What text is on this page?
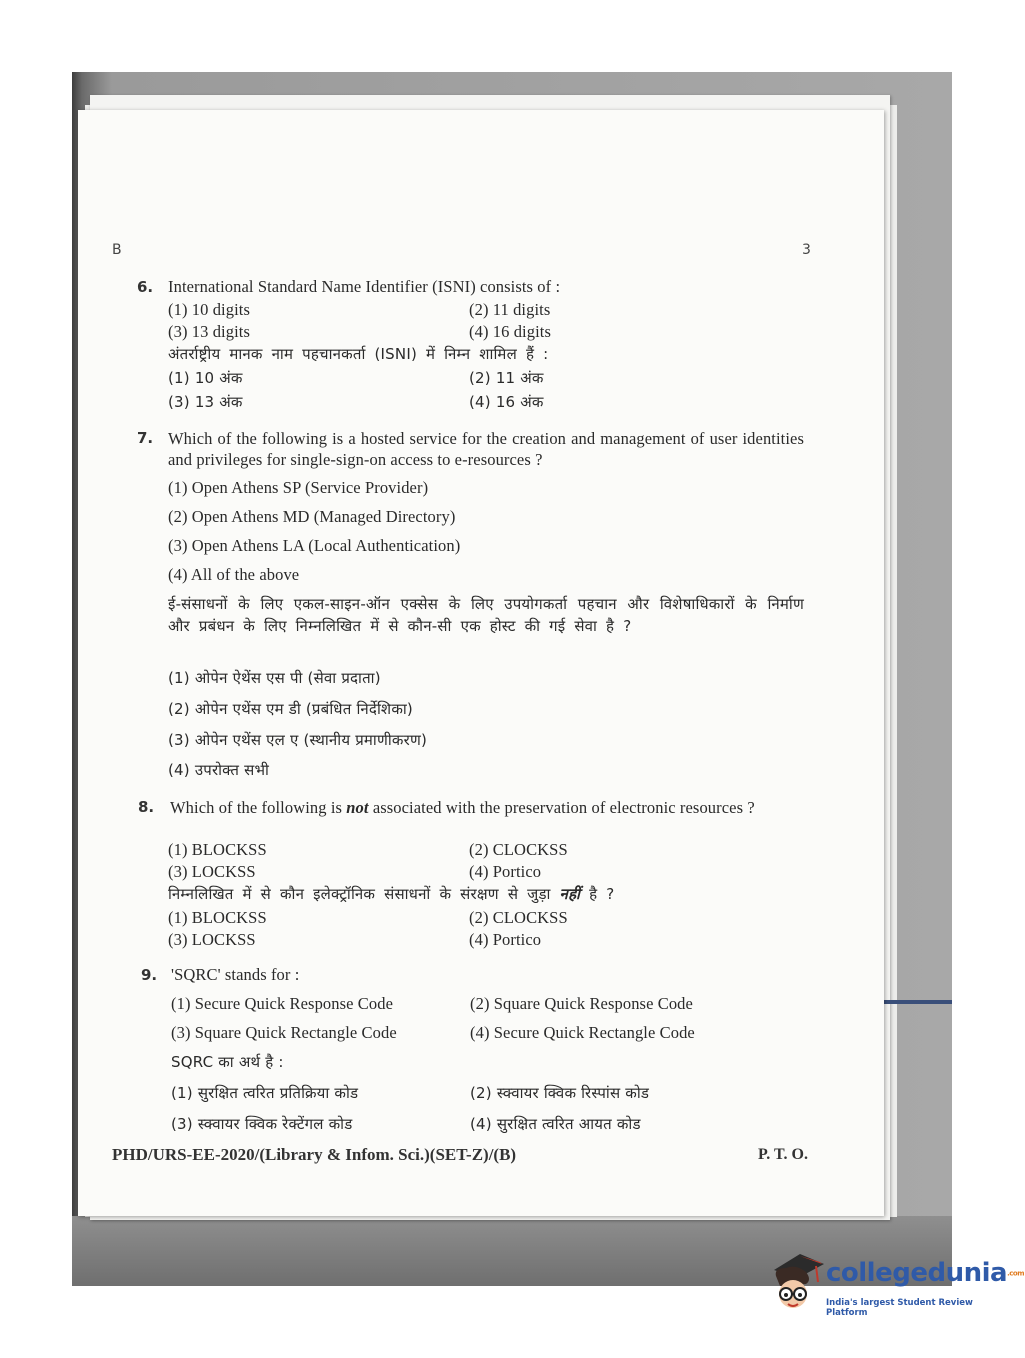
B	3
6. International Standard Name Identifier (ISNI) consists of :
(1) 10 digits	(2) 11 digits
(3) 13 digits	(4) 16 digits
अंतर्राष्ट्रीय मानक नाम पहचानकर्ता (ISNI) में निम्न शामिल हैं :
(1) 10 अंक	(2) 11 अंक
(3) 13 अंक	(4) 16 अंक
7. Which of the following is a hosted service for the creation and management of user identities and privileges for single-sign-on access to e-resources ?
(1) Open Athens SP (Service Provider)
(2) Open Athens MD (Managed Directory)
(3) Open Athens LA (Local Authentication)
(4) All of the above
ई-संसाधनों के लिए एकल-साइन-ऑन एक्सेस के लिए उपयोगकर्ता पहचान और विशेषाधिकारों के निर्माण और प्रबंधन के लिए निम्नलिखित में से कौन-सी एक होस्ट की गई सेवा है ?
(1) ओपेन ऐथेंस एस पी (सेवा प्रदाता)
(2) ओपेन एथेंस एम डी (प्रबंधित निर्देशिका)
(3) ओपेन एथेंस एल ए (स्थानीय प्रमाणीकरण)
(4) उपरोक्त सभी
8. Which of the following is not associated with the preservation of electronic resources ?
(1) BLOCKSS	(2) CLOCKSS
(3) LOCKSS	(4) Portico
निम्नलिखित में से कौन इलेक्ट्रॉनिक संसाधनों के संरक्षण से जुड़ा नहीं है ?
(1) BLOCKSS	(2) CLOCKSS
(3) LOCKSS	(4) Portico
9. 'SQRC' stands for :
(1) Secure Quick Response Code	(2) Square Quick Response Code
(3) Square Quick Rectangle Code	(4) Secure Quick Rectangle Code
SQRC का अर्थ है :
(1) सुरक्षित त्वरित प्रतिक्रिया कोड	(2) स्क्वायर क्विक रिस्पांस कोड
(3) स्क्वायर क्विक रेक्टेंगल कोड	(4) सुरक्षित त्वरित आयत कोड
PHD/URS-EE-2020/(Library & Infom. Sci.)(SET-Z)/(B)	P. T. O.
collegedunia.com
India's largest Student Review Platform
